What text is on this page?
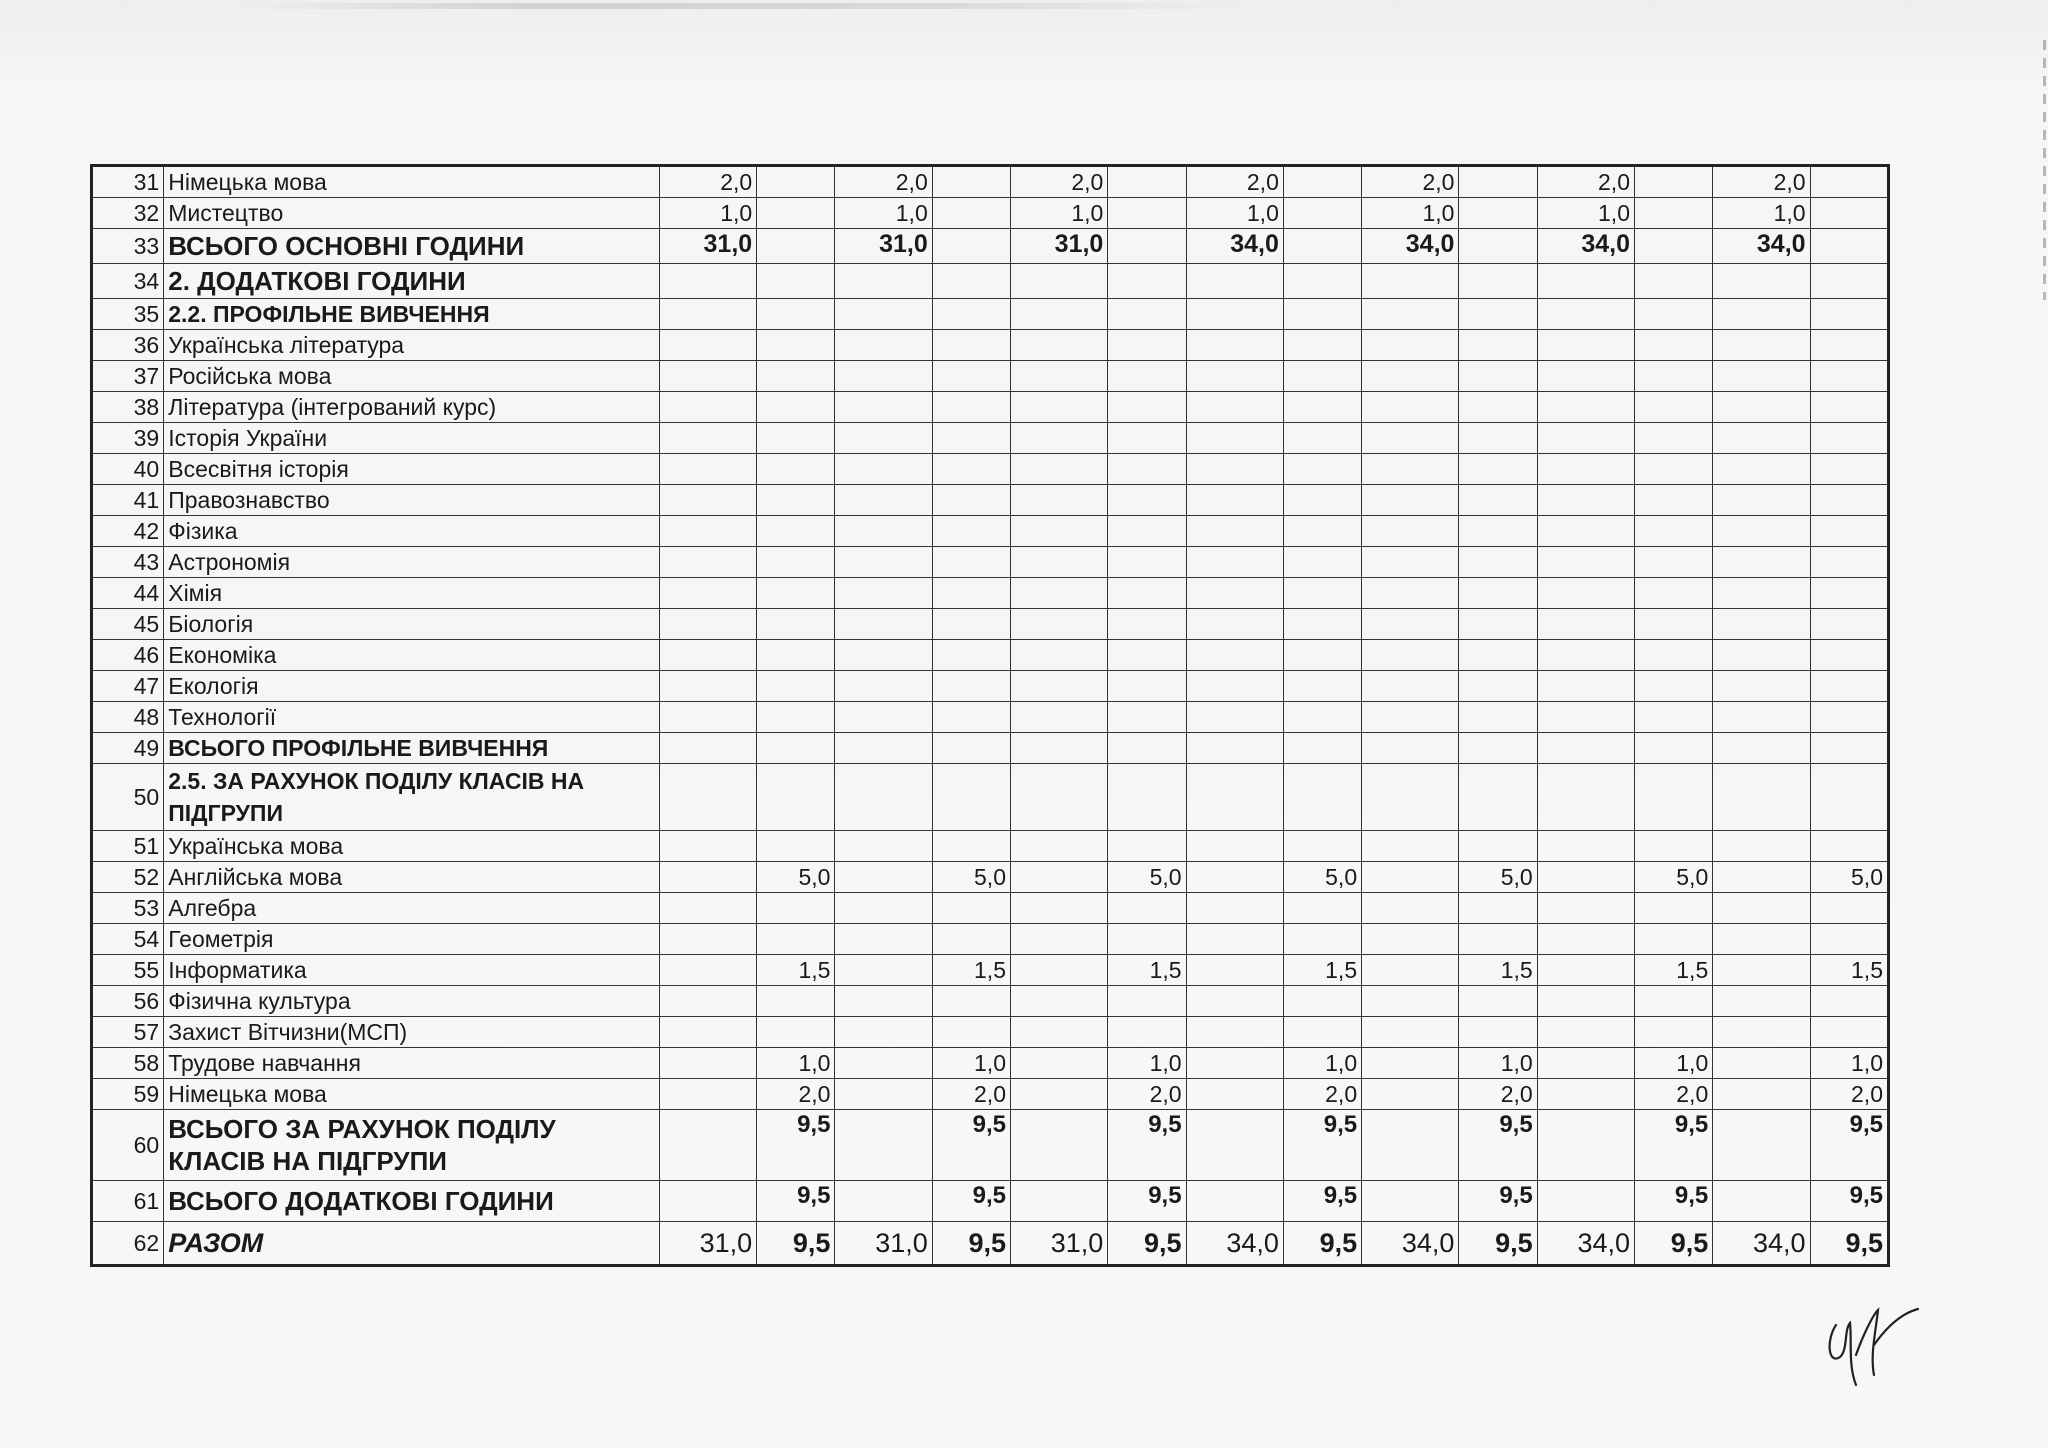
31	Німецька мова	2,0		2,0		2,0		2,0		2,0		2,0		2,0	
32	Мистецтво	1,0		1,0		1,0		1,0		1,0		1,0		1,0	
33	ВСЬОГО ОСНОВНІ ГОДИНИ	31,0		31,0		31,0		34,0		34,0		34,0		34,0	
34	2. ДОДАТКОВІ ГОДИНИ														
35	2.2. ПРОФІЛЬНЕ ВИВЧЕННЯ														
36	Українська література														
37	Російська мова														
38	Література (інтегрований курс)														
39	Історія України														
40	Всесвітня історія														
41	Правознавство														
42	Фізика														
43	Астрономія														
44	Хімія														
45	Біологія														
46	Економіка														
47	Екологія														
48	Технології														
49	ВСЬОГО ПРОФІЛЬНЕ ВИВЧЕННЯ														
50	2.5. ЗА РАХУНОК ПОДІЛУ КЛАСІВ НА ПІДГРУПИ														
51	Українська мова														
52	Англійська мова		5,0		5,0		5,0		5,0		5,0		5,0		5,0
53	Алгебра														
54	Геометрія														
55	Інформатика		1,5		1,5		1,5		1,5		1,5		1,5		1,5
56	Фізична культура														
57	Захист Вітчизни(МСП)														
58	Трудове навчання		1,0		1,0		1,0		1,0		1,0		1,0		1,0
59	Німецька мова		2,0		2,0		2,0		2,0		2,0		2,0		2,0
60	ВСЬОГО ЗА РАХУНОК ПОДІЛУ КЛАСІВ НА ПІДГРУПИ		9,5		9,5		9,5		9,5		9,5		9,5		9,5
61	ВСЬОГО ДОДАТКОВІ ГОДИНИ		9,5		9,5		9,5		9,5		9,5		9,5		9,5
62	РАЗОМ	31,0	9,5	31,0	9,5	31,0	9,5	34,0	9,5	34,0	9,5	34,0	9,5	34,0	9,5
